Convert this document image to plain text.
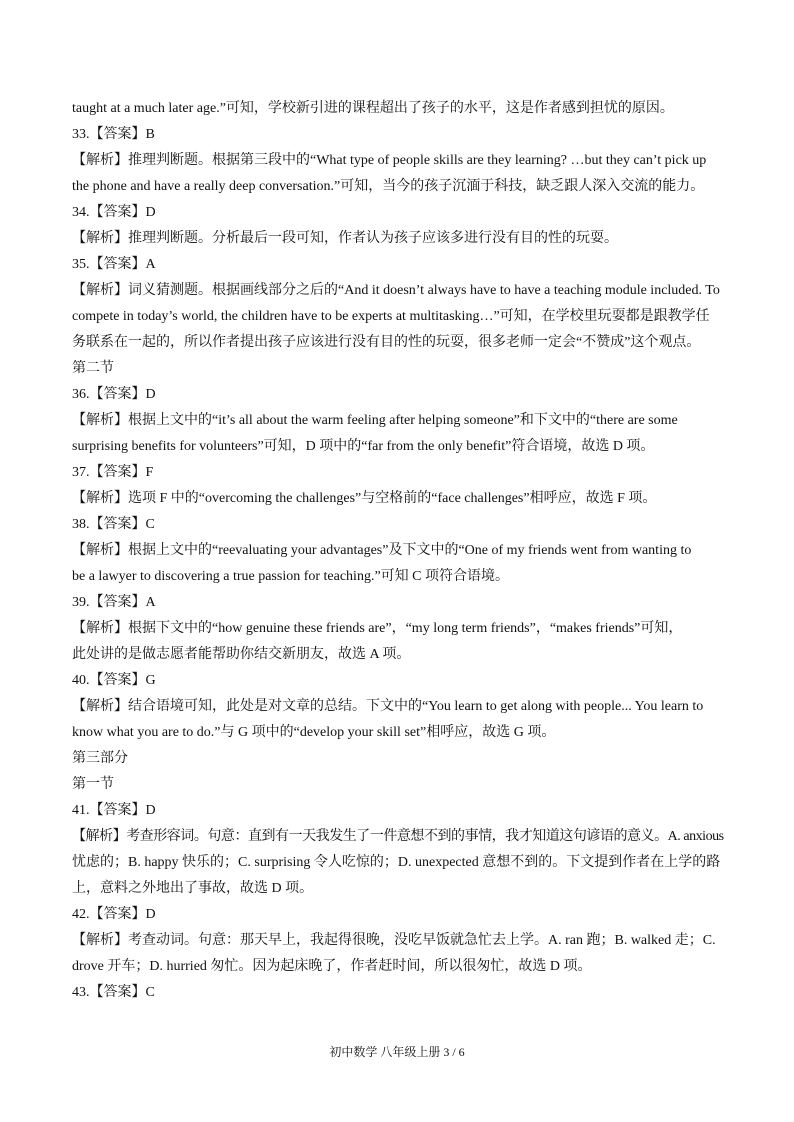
taught at a much later age.”可知，学校新引进的课程超出了孩子的水平，这是作者感到担忧的原因。
33.【答案】B
【解析】推理判断题。根据第三段中的“What type of people skills are they learning? …but they can’t pick up
the phone and have a really deep conversation.”可知，当今的孩子沉湎于科技，缺乏跟人深入交流的能力。
34.【答案】D
【解析】推理判断题。分析最后一段可知，作者认为孩子应该多进行没有目的性的玩耍。
35.【答案】A
【解析】词义猜测题。根据画线部分之后的“And it doesn’t always have to have a teaching module included. To
compete in today’s world, the children have to be experts at multitasking…”可知，在学校里玩耍都是跟教学任
务联系在一起的，所以作者提出孩子应该进行没有目的性的玩耍，很多老师一定会“不赞成”这个观点。
第二节
36.【答案】D
【解析】根据上文中的“it’s all about the warm feeling after helping someone”和下文中的“there are some
surprising benefits for volunteers”可知，D 项中的“far from the only benefit”符合语境，故选 D 项。
37.【答案】F
【解析】选项 F 中的“overcoming the challenges”与空格前的“face challenges”相呼应，故选 F 项。
38.【答案】C
【解析】根据上文中的“reevaluating your advantages”及下文中的“One of my friends went from wanting to
be a lawyer to discovering a true passion for teaching.”可知 C 项符合语境。
39.【答案】A
【解析】根据下文中的“how genuine these friends are”，“my long term friends”，“makes friends”可知，
此处讲的是做志愿者能帮助你结交新朋友，故选 A 项。
40.【答案】G
【解析】结合语境可知，此处是对文章的总结。下文中的“You learn to get along with people... You learn to
know what you are to do.”与 G 项中的“develop your skill set”相呼应，故选 G 项。
第三部分
第一节
41.【答案】D
【解析】考查形容词。句意：直到有一天我发生了一件意想不到的事情，我才知道这句谚语的意义。A. anxious
忧虑的；B. happy 快乐的；C. surprising 令人吃惊的；D. unexpected 意想不到的。下文提到作者在上学的路
上，意料之外地出了事故，故选 D 项。
42.【答案】D
【解析】考查动词。句意：那天早上，我起得很晚，没吃早饭就急忙去上学。A. ran 跑；B. walked 走；C.
drove 开车；D. hurried 匆忙。因为起床晚了，作者赶时间，所以很匆忙，故选 D 项。
43.【答案】C
初中数学 八年级上册 3 / 6
